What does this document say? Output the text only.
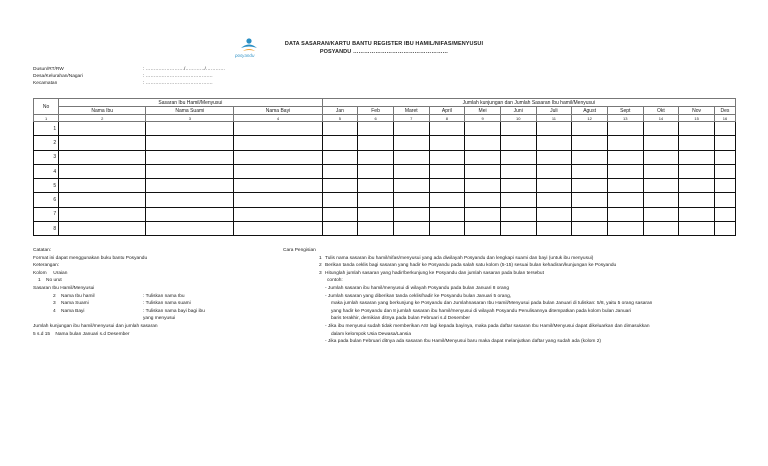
posyandu
DATA SASARAN/KARTU BANTU REGISTER IBU HAMIL/NIFAS/MENYUSUI
POSYANDU ……………………………………………
Dusun/RT/RW	: ……………………/…………/…………
Desa/Kelurahan/Nagari	: ……………………………………
Kecamatan	: ……………………………………
No	Sasaran Ibu Hamil/Menyusui			Jumlah kunjungan dan Jumlah Sasaran Ibu hamil/Menyusui											
	Nama Ibu	Nama Suami	Nama Bayi	Jan	Feb	Maret	April	Mei	Juni	Juli	Agust	Sept	Okt	Nov	Des
1	2	3	4	5	6	7	8	9	10	11	12	13	14	15	16
1															
2															
3															
4															
5															
6															
7															
8															
Catatan:
Format ini dapat menggunakan buku bantu Posyandu
Keterangan:
Kolom     Uraian
1    No urut
Sasaran Ibu Hamil/Menyusui
2    Nama Ibu hamil	: Tuliskan nama Ibu
3    Nama Suami	: Tuliskan nama suami
4    Nama Bayi	: Tuliskan nama bayi bagi ibu
yang menyusui
Jumlah kunjungan ibu hamil/menyusui dan jumlah sasaran
5 s.d 15    Nama bulan Januari s.d Desember
Cara Pengisian
1 Tulis nama sasaran ibu hamil/nifas/menyusui yang ada diwilayah Posyandu dan lengkapi suami dan bayi (untuk ibu menyusui)
2 Berikan tanda ceklis bagi sasaran yang hadir ke Posyandu pada salah satu kolom (5-15) sesuai bulan kehadiran/kunjungan ke Posyandu
3 Hitunglah jumlah sasaran yang hadir/berkunjung ke Posyandu dan jumlah sasaran pada bulan tersebut
contoh:
- Jumlah sasaran ibu hamil/menyusui di wilayah Posyandu pada bulan Januari 8 orang
- Jumlah sasaran yang diberikan tanda ceklis/hadir ke Posyandu bulan Januari 5 orang,
maka jumlah sasaran yang berkunjung ke Posyandu dan Jumlahnasaran Ibu Hamil/Menyusui pada bulan Januari di tuliskan: 5/8, yaitu 5 orang sasaran
yang hadir ke Posyandu dan 8 jumlah sasaran ibu hamil/menyusui di wilayah Posyandu Penulisannya ditempatkan pada kolom bulan Januari
baris terakhir, demikian ditnya pada bulan Februari s.d Desember
- Jika ibu menyusui sudah tidak memberikan ASI lagi kepada bayinya, maka pada daftar sasaran Ibu Hamil/Menyusui dapat dikeluarkan dan dimasukkan
dalam kelompok Usia Dewasa/Lansia
- Jika pada bulan Februari ditnya ada sasaran Ibu Hamil/Menyusui baru maka dapat melanjutkan daftar yang sudah ada (kolom 2)
